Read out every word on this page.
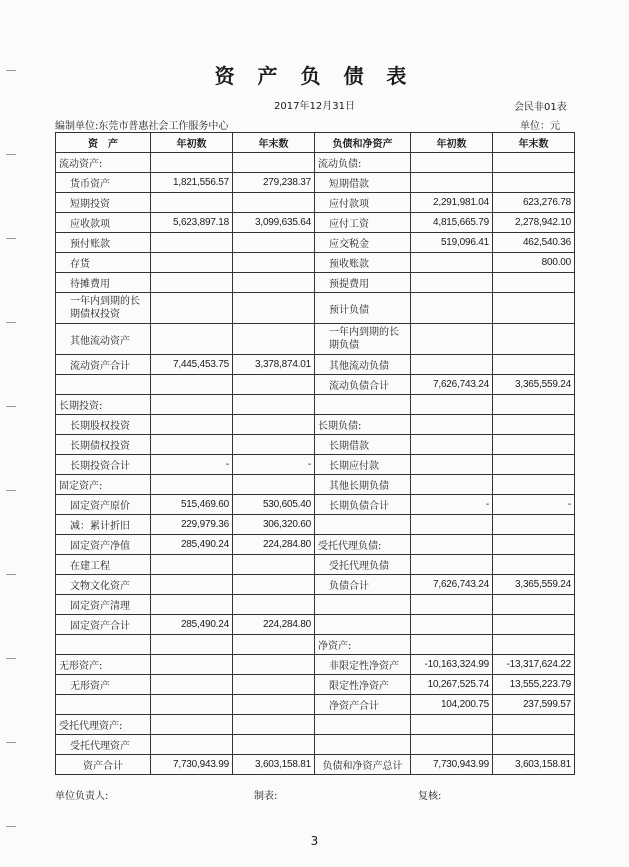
资 产 负 债 表
2017年12月31日	会民非01表
编制单位:东莞市普惠社会工作服务中心	单位：元
资　产	年初数	年末数	负债和净资产	年初数	年末数
流动资产:			流动负债:		
货币资产	1,821,556.57	279,238.37	短期借款		
短期投资			应付款项	2,291,981.04	623,276.78
应收款项	5,623,897.18	3,099,635.64	应付工资	4,815,665.79	2,278,942.10
预付账款			应交税金	519,096.41	462,540.36
存货			预收账款		800.00
待摊费用			预提费用		
一年内到期的长期债权投资			预计负债		
其他流动资产			一年内到期的长期负债		
流动资产合计	7,445,453.75	3,378,874.01	其他流动负债		
			流动负债合计	7,626,743.24	3,365,559.24
长期投资:					
长期股权投资			长期负债:		
长期债权投资			长期借款		
长期投资合计	-	-	长期应付款		
固定资产:			其他长期负债		
固定资产原价	515,469.60	530,605.40	长期负债合计	-	-
减：累计折旧	229,979.36	306,320.60			
固定资产净值	285,490.24	224,284.80	受托代理负债:		
在建工程			受托代理负债		
文物文化资产			负债合计	7,626,743.24	3,365,559.24
固定资产清理					
固定资产合计	285,490.24	224,284.80			
			净资产:		
无形资产:			非限定性净资产	-10,163,324.99	-13,317,624.22
无形资产			限定性净资产	10,267,525.74	13,555,223.79
			净资产合计	104,200.75	237,599.57
受托代理资产:					
受托代理资产					
资产合计	7,730,943.99	3,603,158.81	负债和净资产总计	7,730,943.99	3,603,158.81
单位负责人:	制表:	复核:
3
